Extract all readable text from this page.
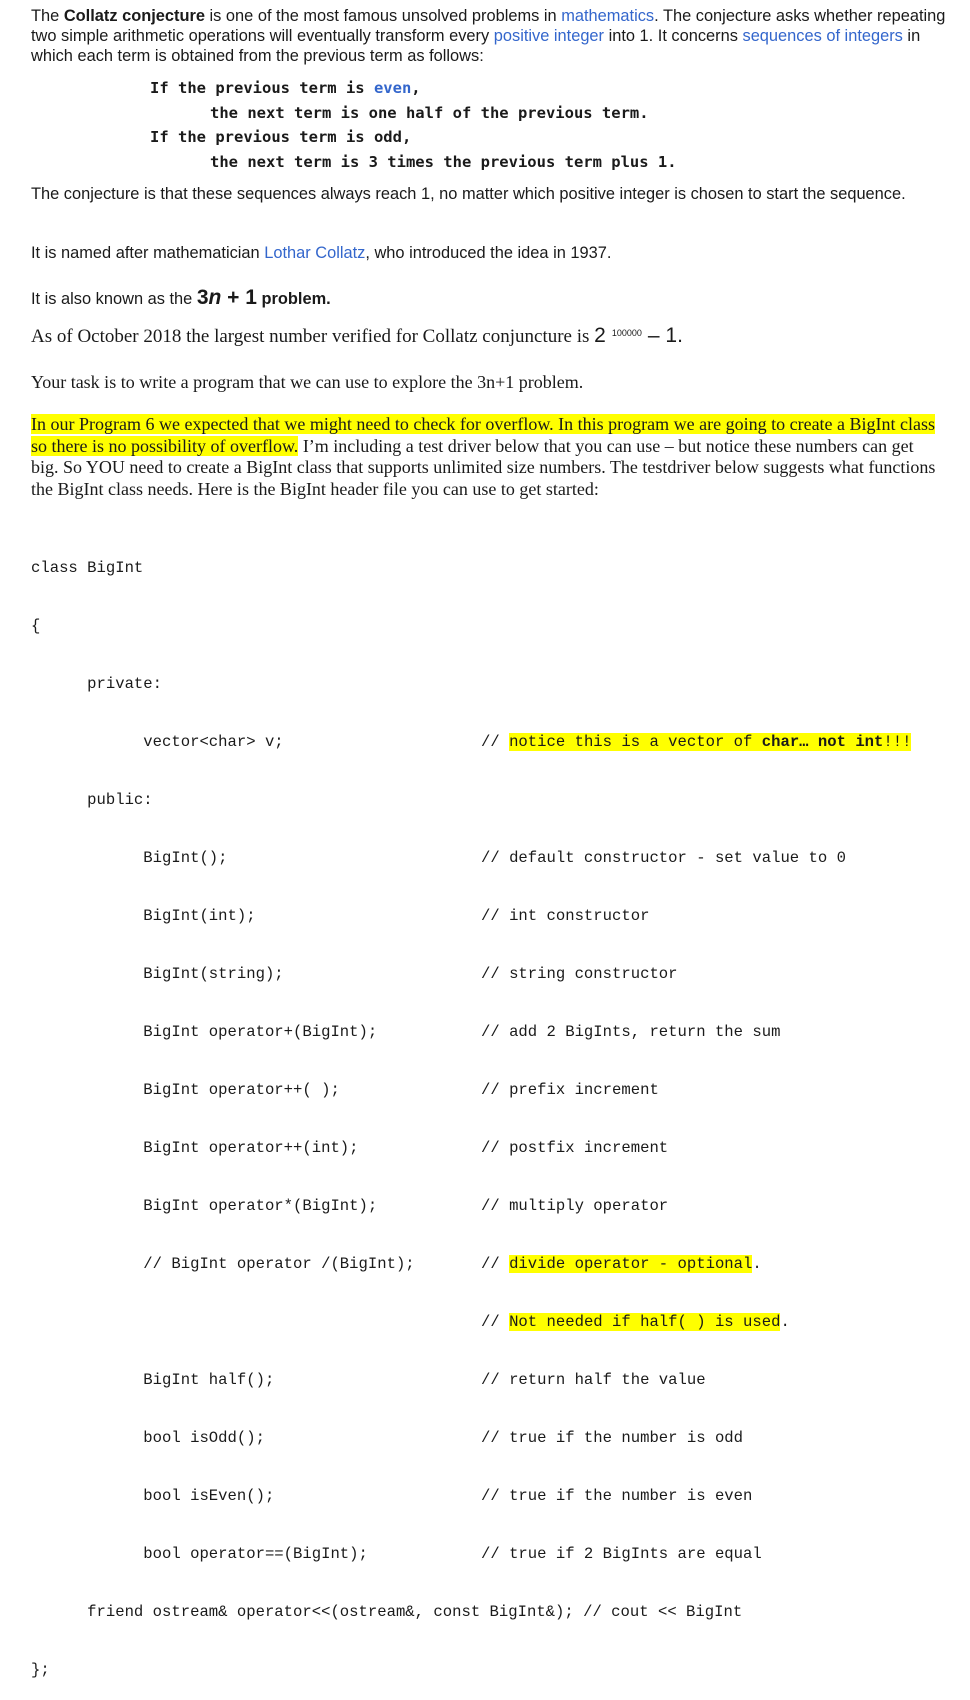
The Collatz conjecture is one of the most famous unsolved problems in mathematics. The conjecture asks whether repeating two simple arithmetic operations will eventually transform every positive integer into 1. It concerns sequences of integers in which each term is obtained from the previous term as follows:
If the previous term is even,
the next term is one half of the previous term.
If the previous term is odd,
the next term is 3 times the previous term plus 1.
The conjecture is that these sequences always reach 1, no matter which positive integer is chosen to start the sequence.
It is named after mathematician Lothar Collatz, who introduced the idea in 1937.
It is also known as the 3n + 1 problem.
As of October 2018 the largest number verified for Collatz conjuncture is 2 $^{100000}$ – 1.
Your task is to write a program that we can use to explore the 3n+1 problem.
In our Program 6 we expected that we might need to check for overflow. In this program we are going to create a BigInt class so there is no possibility of overflow. I’m including a test driver below that you can use – but notice these numbers can get big. So YOU need to create a BigInt class that supports unlimited size numbers. The testdriver below suggests what functions the BigInt class needs. Here is the BigInt header file you can use to get started:

class BigInt

{

private:

vector<char> v;	// notice this is a vector of char… not int!!!

public:

BigInt();	// default constructor - set value to 0

BigInt(int);	// int constructor

BigInt(string);	// string constructor

BigInt operator+(BigInt);	// add 2 BigInts, return the sum

BigInt operator++( );	// prefix increment

BigInt operator++(int);	// postfix increment

BigInt operator*(BigInt);	// multiply operator

// BigInt operator /(BigInt);	// divide operator - optional.

// Not needed if half( ) is used.

BigInt half();	// return half the value

bool isOdd();	// true if the number is odd

bool isEven();	// true if the number is even

bool operator==(BigInt);	// true if 2 BigInts are equal

friend ostream& operator<<(ostream&, const BigInt&); // cout << BigInt

};
